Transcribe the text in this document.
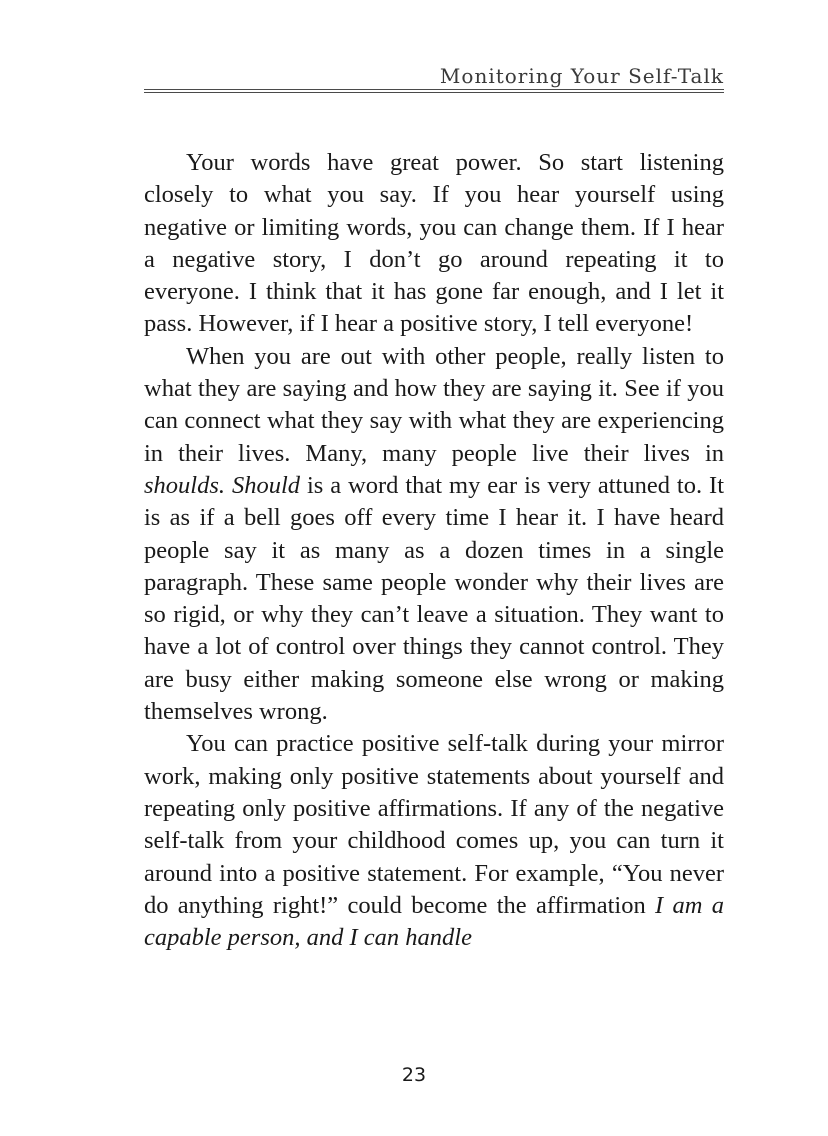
Monitoring Your Self-Talk

Your words have great power. So start listening closely to what you say. If you hear yourself using negative or limiting words, you can change them. If I hear a negative story, I don’t go around repeating it to everyone. I think that it has gone far enough, and I let it pass. However, if I hear a positive story, I tell everyone!

When you are out with other people, really listen to what they are saying and how they are saying it. See if you can connect what they say with what they are experiencing in their lives. Many, many people live their lives in shoulds. Should is a word that my ear is very attuned to. It is as if a bell goes off every time I hear it. I have heard people say it as many as a dozen times in a single paragraph. These same people wonder why their lives are so rigid, or why they can’t leave a situation. They want to have a lot of control over things they cannot control. They are busy either making someone else wrong or making themselves wrong.

You can practice positive self-talk during your mirror work, making only positive statements about yourself and repeating only positive affirmations. If any of the negative self-talk from your childhood comes up, you can turn it around into a positive statement. For example, “You never do anything right!” could become the affirmation I am a capable person, and I can handle

23
